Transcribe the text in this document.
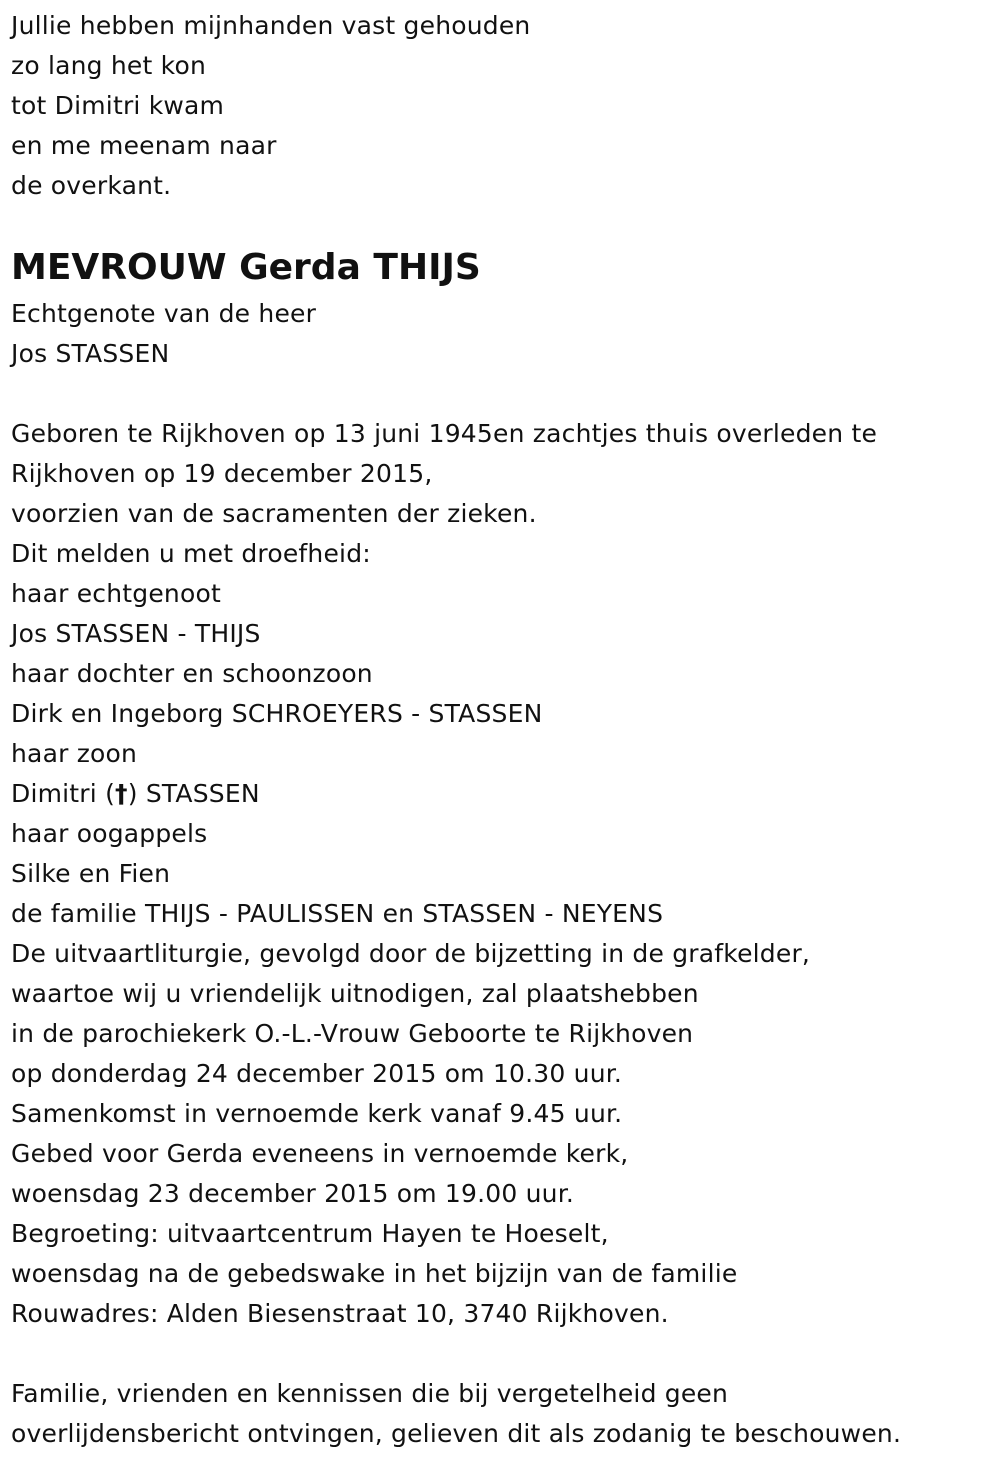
Jullie hebben mijnhanden vast gehouden
zo lang het kon
tot Dimitri kwam
en me meenam naar
de overkant.
MEVROUW Gerda THIJS
Echtgenote van de heer
Jos STASSEN
Geboren te Rijkhoven op 13 juni 1945en zachtjes thuis overleden te
Rijkhoven op 19 december 2015,
voorzien van de sacramenten der zieken.
Dit melden u met droefheid:
haar echtgenoot
Jos STASSEN - THIJS
haar dochter en schoonzoon
Dirk en Ingeborg SCHROEYERS - STASSEN
haar zoon
Dimitri (†) STASSEN
haar oogappels
Silke en Fien
de familie THIJS - PAULISSEN en STASSEN - NEYENS
De uitvaartliturgie, gevolgd door de bijzetting in de grafkelder,
waartoe wij u vriendelijk uitnodigen, zal plaatshebben
in de parochiekerk O.-L.-Vrouw Geboorte te Rijkhoven
op donderdag 24 december 2015 om 10.30 uur.
Samenkomst in vernoemde kerk vanaf 9.45 uur.
Gebed voor Gerda eveneens in vernoemde kerk,
woensdag 23 december 2015 om 19.00 uur.
Begroeting: uitvaartcentrum Hayen te Hoeselt,
woensdag na de gebedswake in het bijzijn van de familie
Rouwadres: Alden Biesenstraat 10, 3740 Rijkhoven.
Familie, vrienden en kennissen die bij vergetelheid geen
overlijdensbericht ontvingen, gelieven dit als zodanig te beschouwen.
